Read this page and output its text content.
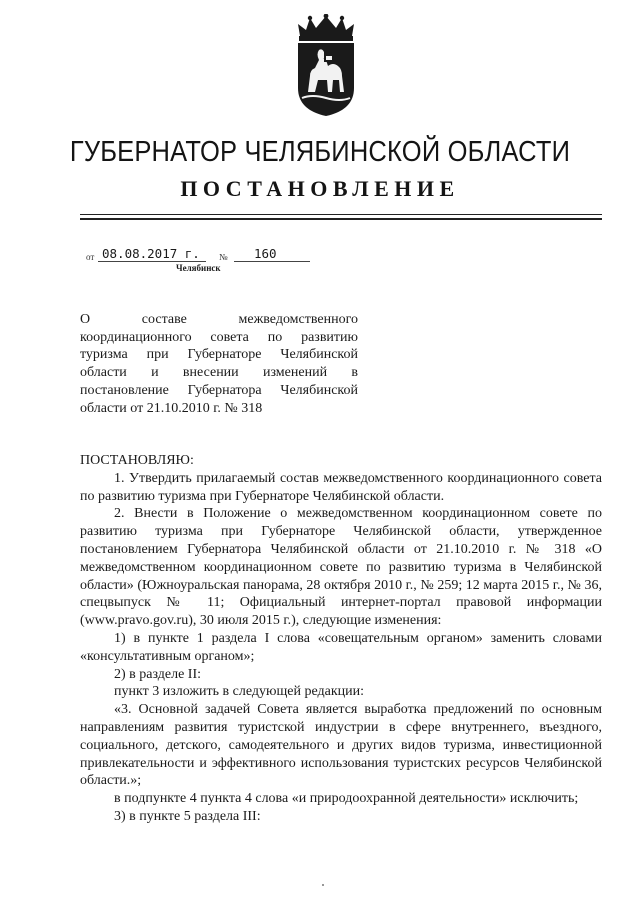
ГУБЕРНАТОР ЧЕЛЯБИНСКОЙ ОБЛАСТИ
ПОСТАНОВЛЕНИЕ
от 08.08.2017 г. № 160
Челябинск
О составе межведомственного
координационного совета по развитию
туризма при Губернаторе Челябинской
области и внесении изменений в
постановление Губернатора Челябинской
области от 21.10.2010 г. № 318

ПОСТАНОВЛЯЮ:

1. Утвердить прилагаемый состав межведомственного координационного совета по развитию туризма при Губернаторе Челябинской области.

2. Внести в Положение о межведомственном координационном совете по развитию туризма при Губернаторе Челябинской области, утвержденное постановлением Губернатора Челябинской области от 21.10.2010 г. № 318 «О межведомственном координационном совете по развитию туризма в Челябинской области» (Южноуральская панорама, 28 октября 2010 г., № 259; 12 марта 2015 г., № 36, спецвыпуск № 11; Официальный интернет-портал правовой информации (www.pravo.gov.ru), 30 июля 2015 г.), следующие изменения:

1) в пункте 1 раздела I слова «совещательным органом» заменить словами «консультативным органом»;

2) в разделе II:

пункт 3 изложить в следующей редакции:

«3. Основной задачей Совета является выработка предложений по основным направлениям развития туристской индустрии в сфере внутреннего, въездного, социального, детского, самодеятельного и других видов туризма, инвестиционной привлекательности и эффективного использования туристских ресурсов Челябинской области.»;

в подпункте 4 пункта 4 слова «и природоохранной деятельности» исключить;

3) в пункте 5 раздела III:
